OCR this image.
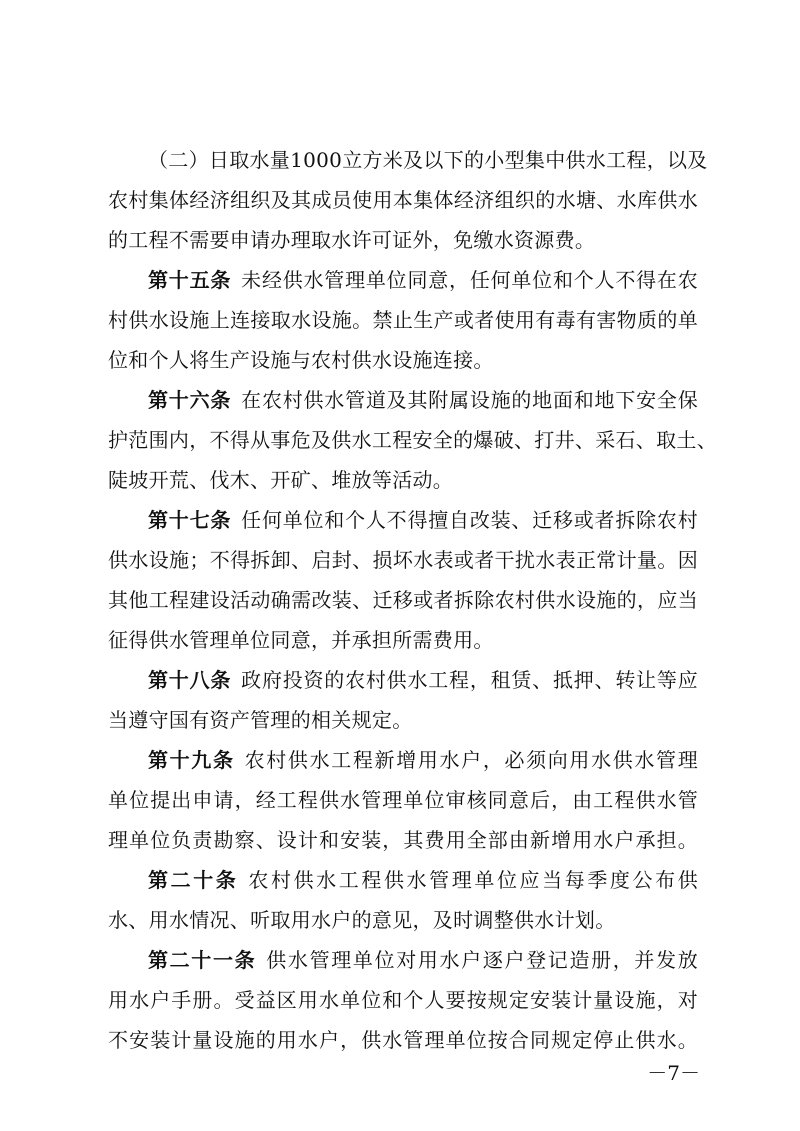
（二）日取水量1000立方米及以下的小型集中供水工程，以及
农村集体经济组织及其成员使用本集体经济组织的水塘、水库供水
的工程不需要申请办理取水许可证外，免缴水资源费。
第十五条 未经供水管理单位同意，任何单位和个人不得在农
村供水设施上连接取水设施。禁止生产或者使用有毒有害物质的单
位和个人将生产设施与农村供水设施连接。
第十六条 在农村供水管道及其附属设施的地面和地下安全保
护范围内，不得从事危及供水工程安全的爆破、打井、采石、取土、
陡坡开荒、伐木、开矿、堆放等活动。
第十七条 任何单位和个人不得擅自改装、迁移或者拆除农村
供水设施；不得拆卸、启封、损坏水表或者干扰水表正常计量。因
其他工程建设活动确需改装、迁移或者拆除农村供水设施的，应当
征得供水管理单位同意，并承担所需费用。
第十八条 政府投资的农村供水工程，租赁、抵押、转让等应
当遵守国有资产管理的相关规定。
第十九条 农村供水工程新增用水户，必须向用水供水管理
单位提出申请，经工程供水管理单位审核同意后，由工程供水管
理单位负责勘察、设计和安装，其费用全部由新增用水户承担。
第二十条 农村供水工程供水管理单位应当每季度公布供
水、用水情况、听取用水户的意见，及时调整供水计划。
第二十一条 供水管理单位对用水户逐户登记造册，并发放
用水户手册。受益区用水单位和个人要按规定安装计量设施，对
不安装计量设施的用水户，供水管理单位按合同规定停止供水。
－7－
